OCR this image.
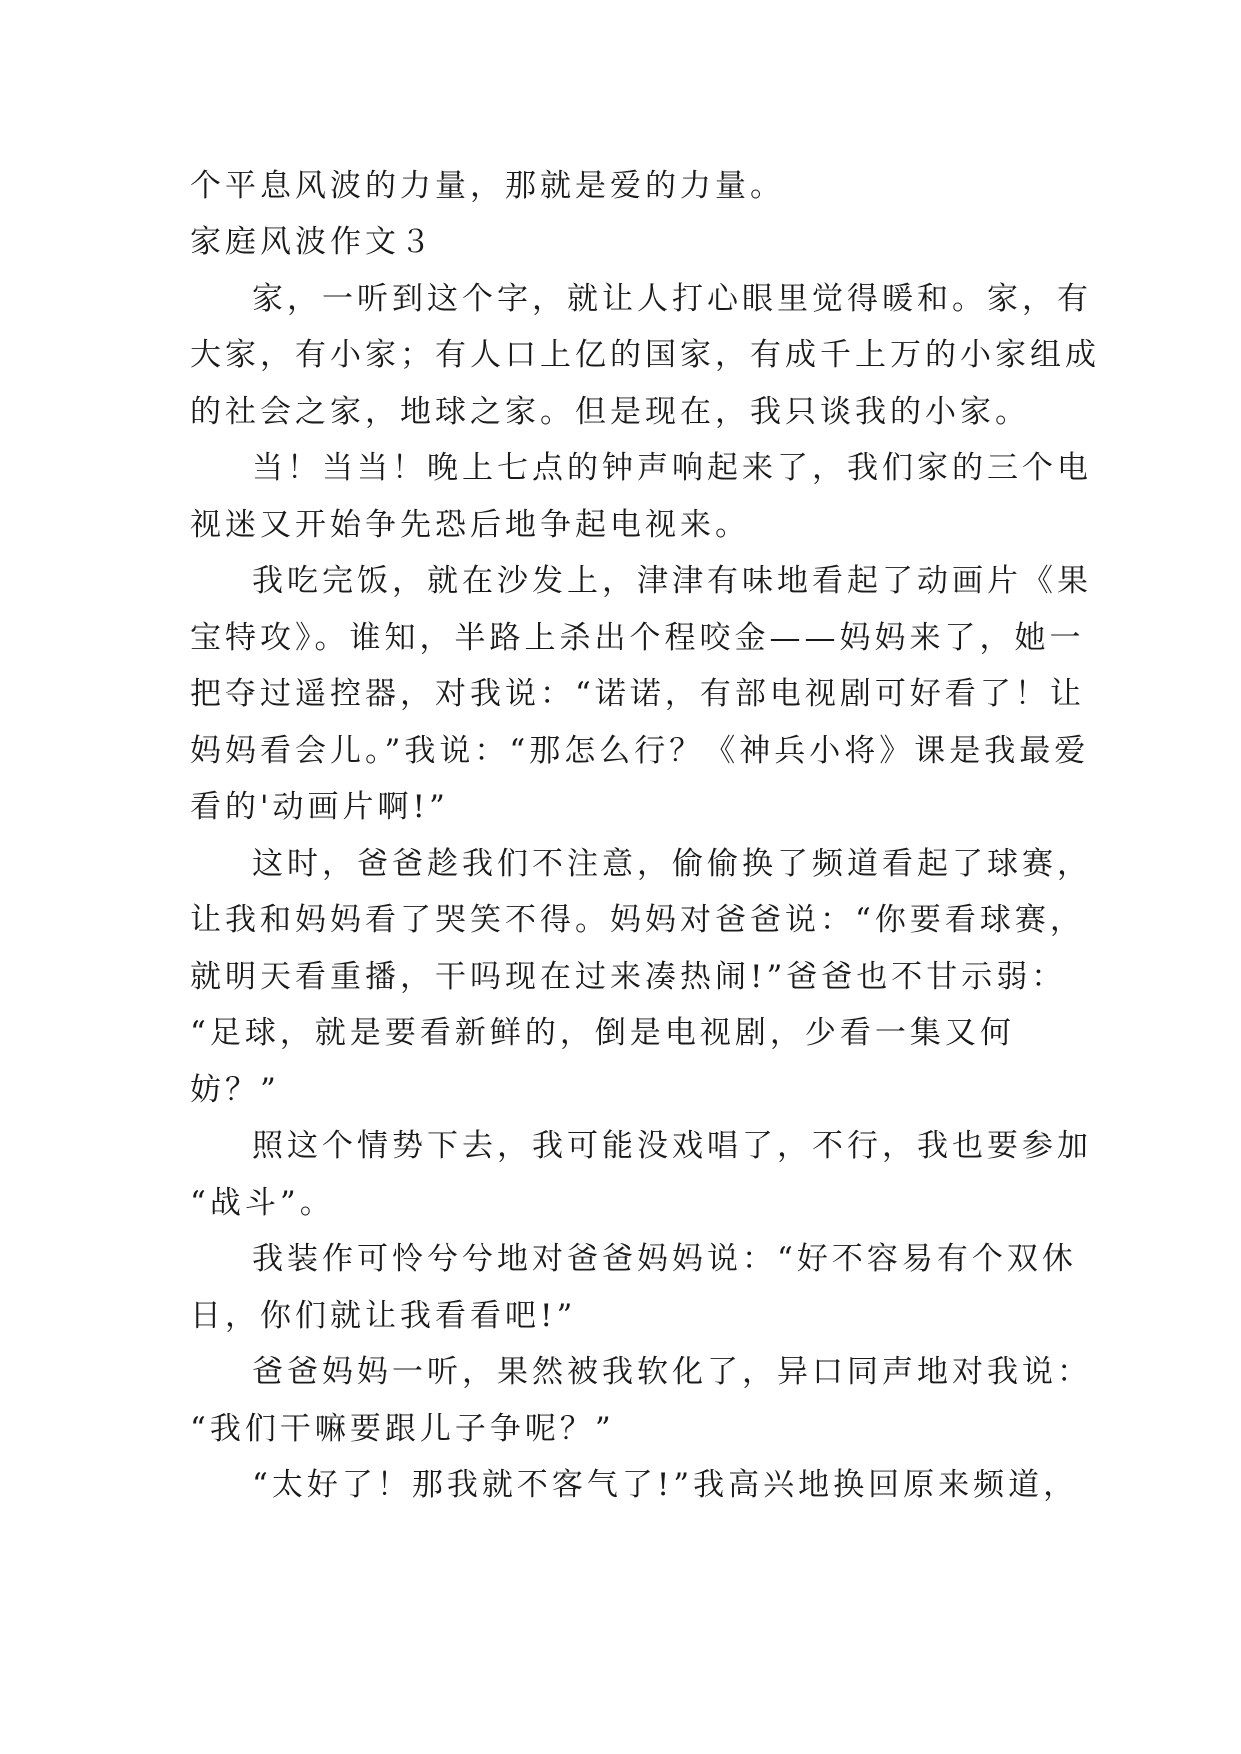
个平息风波的力量，那就是爱的力量。
家庭风波作文３
家，一听到这个字，就让人打心眼里觉得暖和。家，有
大家，有小家；有人口上亿的国家，有成千上万的小家组成
的社会之家，地球之家。但是现在，我只谈我的小家。
当！当当！晚上七点的钟声响起来了，我们家的三个电
视迷又开始争先恐后地争起电视来。
我吃完饭，就在沙发上，津津有味地看起了动画片《果
宝特攻》。谁知，半路上杀出个程咬金——妈妈来了，她一
把夺过遥控器，对我说：“诺诺，有部电视剧可好看了！让
妈妈看会儿。”我说：“那怎么行？《神兵小将》课是我最爱
看的'动画片啊!”
这时，爸爸趁我们不注意，偷偷换了频道看起了球赛，
让我和妈妈看了哭笑不得。妈妈对爸爸说：“你要看球赛，
就明天看重播，干吗现在过来凑热闹!”爸爸也不甘示弱：
“足球，就是要看新鲜的，倒是电视剧，少看一集又何
妨？”
照这个情势下去，我可能没戏唱了，不行，我也要参加
“战斗”。
我装作可怜兮兮地对爸爸妈妈说：“好不容易有个双休
日，你们就让我看看吧!”
爸爸妈妈一听，果然被我软化了，异口同声地对我说：
“我们干嘛要跟儿子争呢？”
“太好了！那我就不客气了!”我高兴地换回原来频道，
